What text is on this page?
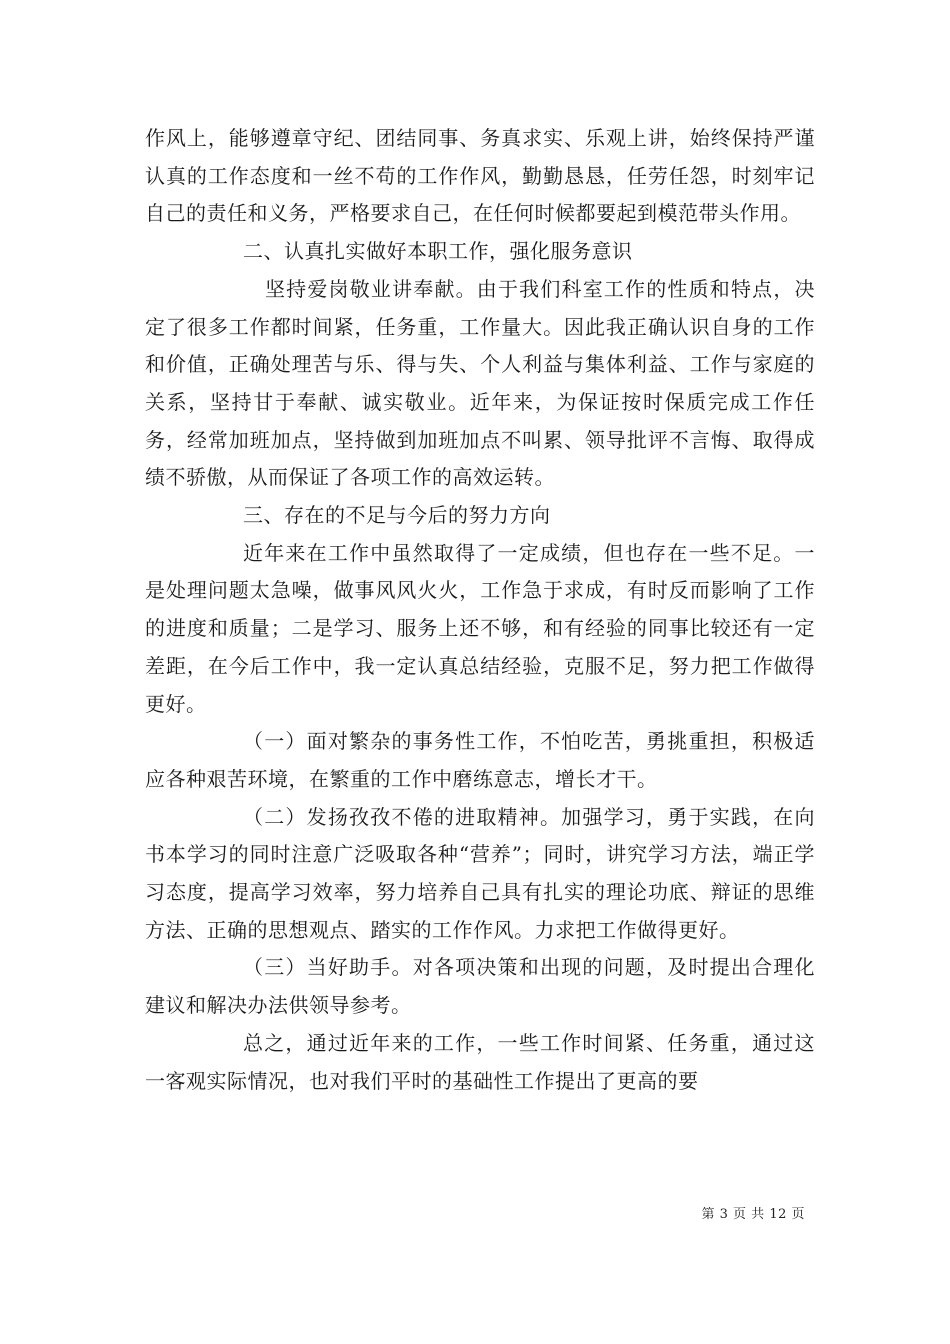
作风上，能够遵章守纪、团结同事、务真求实、乐观上讲，始终保持严谨认真的工作态度和一丝不苟的工作作风，勤勤恳恳，任劳任怨，时刻牢记自己的责任和义务，严格要求自己，在任何时候都要起到模范带头作用。

二、认真扎实做好本职工作，强化服务意识

坚持爱岗敬业讲奉献。由于我们科室工作的性质和特点，决定了很多工作都时间紧，任务重，工作量大。因此我正确认识自身的工作和价值，正确处理苦与乐、得与失、个人利益与集体利益、工作与家庭的关系，坚持甘于奉献、诚实敬业。近年来，为保证按时保质完成工作任务，经常加班加点，坚持做到加班加点不叫累、领导批评不言悔、取得成绩不骄傲，从而保证了各项工作的高效运转。

三、存在的不足与今后的努力方向

近年来在工作中虽然取得了一定成绩，但也存在一些不足。一是处理问题太急噪，做事风风火火，工作急于求成，有时反而影响了工作的进度和质量；二是学习、服务上还不够，和有经验的同事比较还有一定差距，在今后工作中，我一定认真总结经验，克服不足，努力把工作做得更好。

（一）面对繁杂的事务性工作，不怕吃苦，勇挑重担，积极适应各种艰苦环境，在繁重的工作中磨练意志，增长才干。

（二）发扬孜孜不倦的进取精神。加强学习，勇于实践，在向书本学习的同时注意广泛吸取各种“营养”；同时，讲究学习方法，端正学习态度，提高学习效率，努力培养自己具有扎实的理论功底、辩证的思维方法、正确的思想观点、踏实的工作作风。力求把工作做得更好。

（三）当好助手。对各项决策和出现的问题，及时提出合理化建议和解决办法供领导参考。

总之，通过近年来的工作，一些工作时间紧、任务重，通过这一客观实际情况，也对我们平时的基础性工作提出了更高的要

第 3 页 共 12 页
